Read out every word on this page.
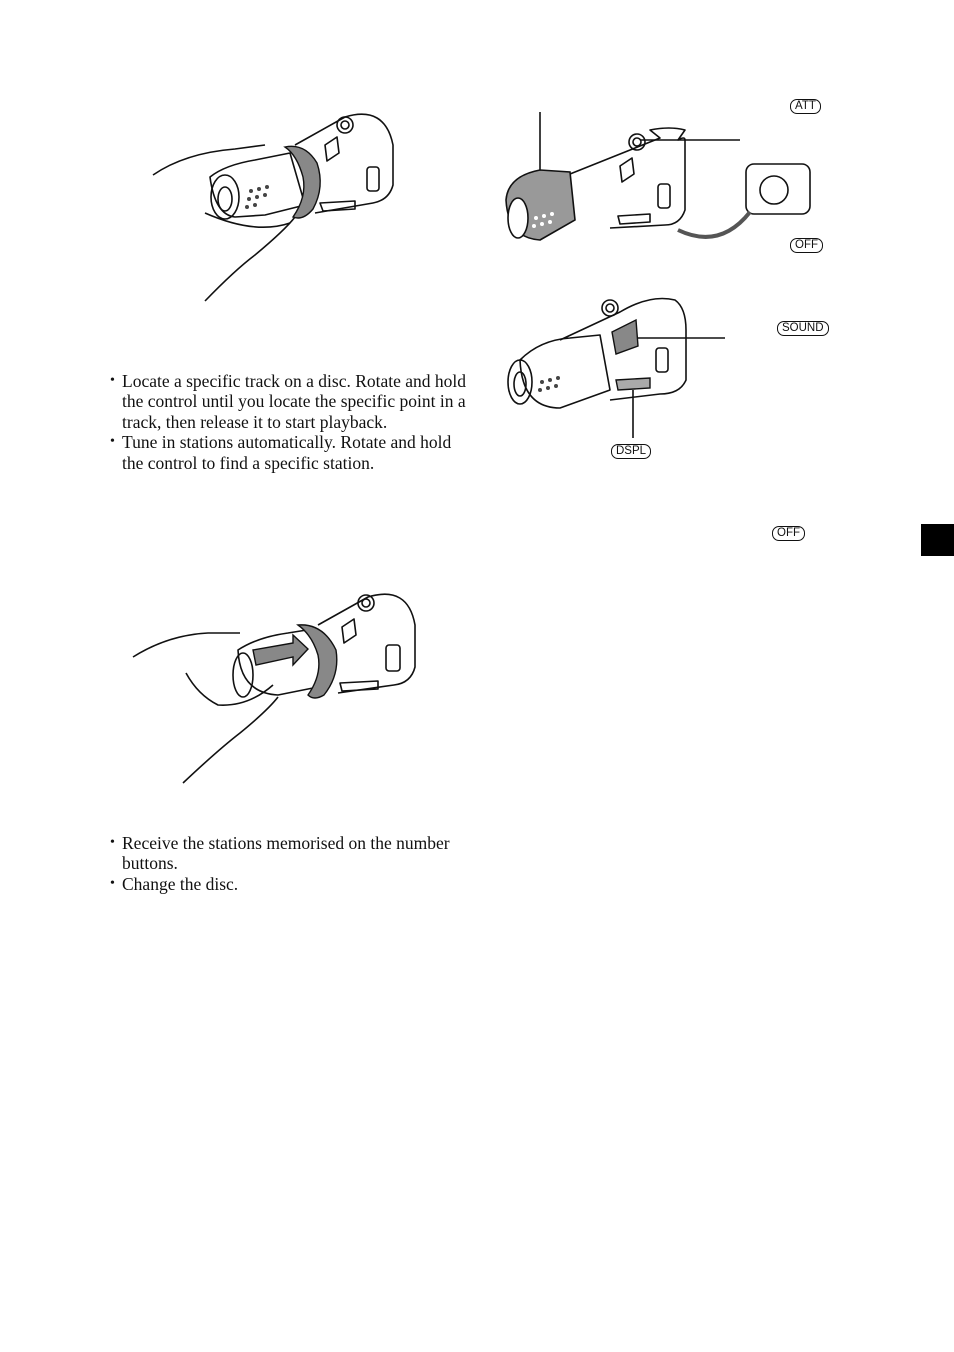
• Locate a specific track on a disc. Rotate and hold the control until you locate the specific point in a track, then release it to start playback.
• Tune in stations automatically. Rotate and hold the control to find a specific station.
• Receive the stations memorised on the number buttons.
• Change the disc.
ATT
OFF
SOUND
DSPL
OFF
